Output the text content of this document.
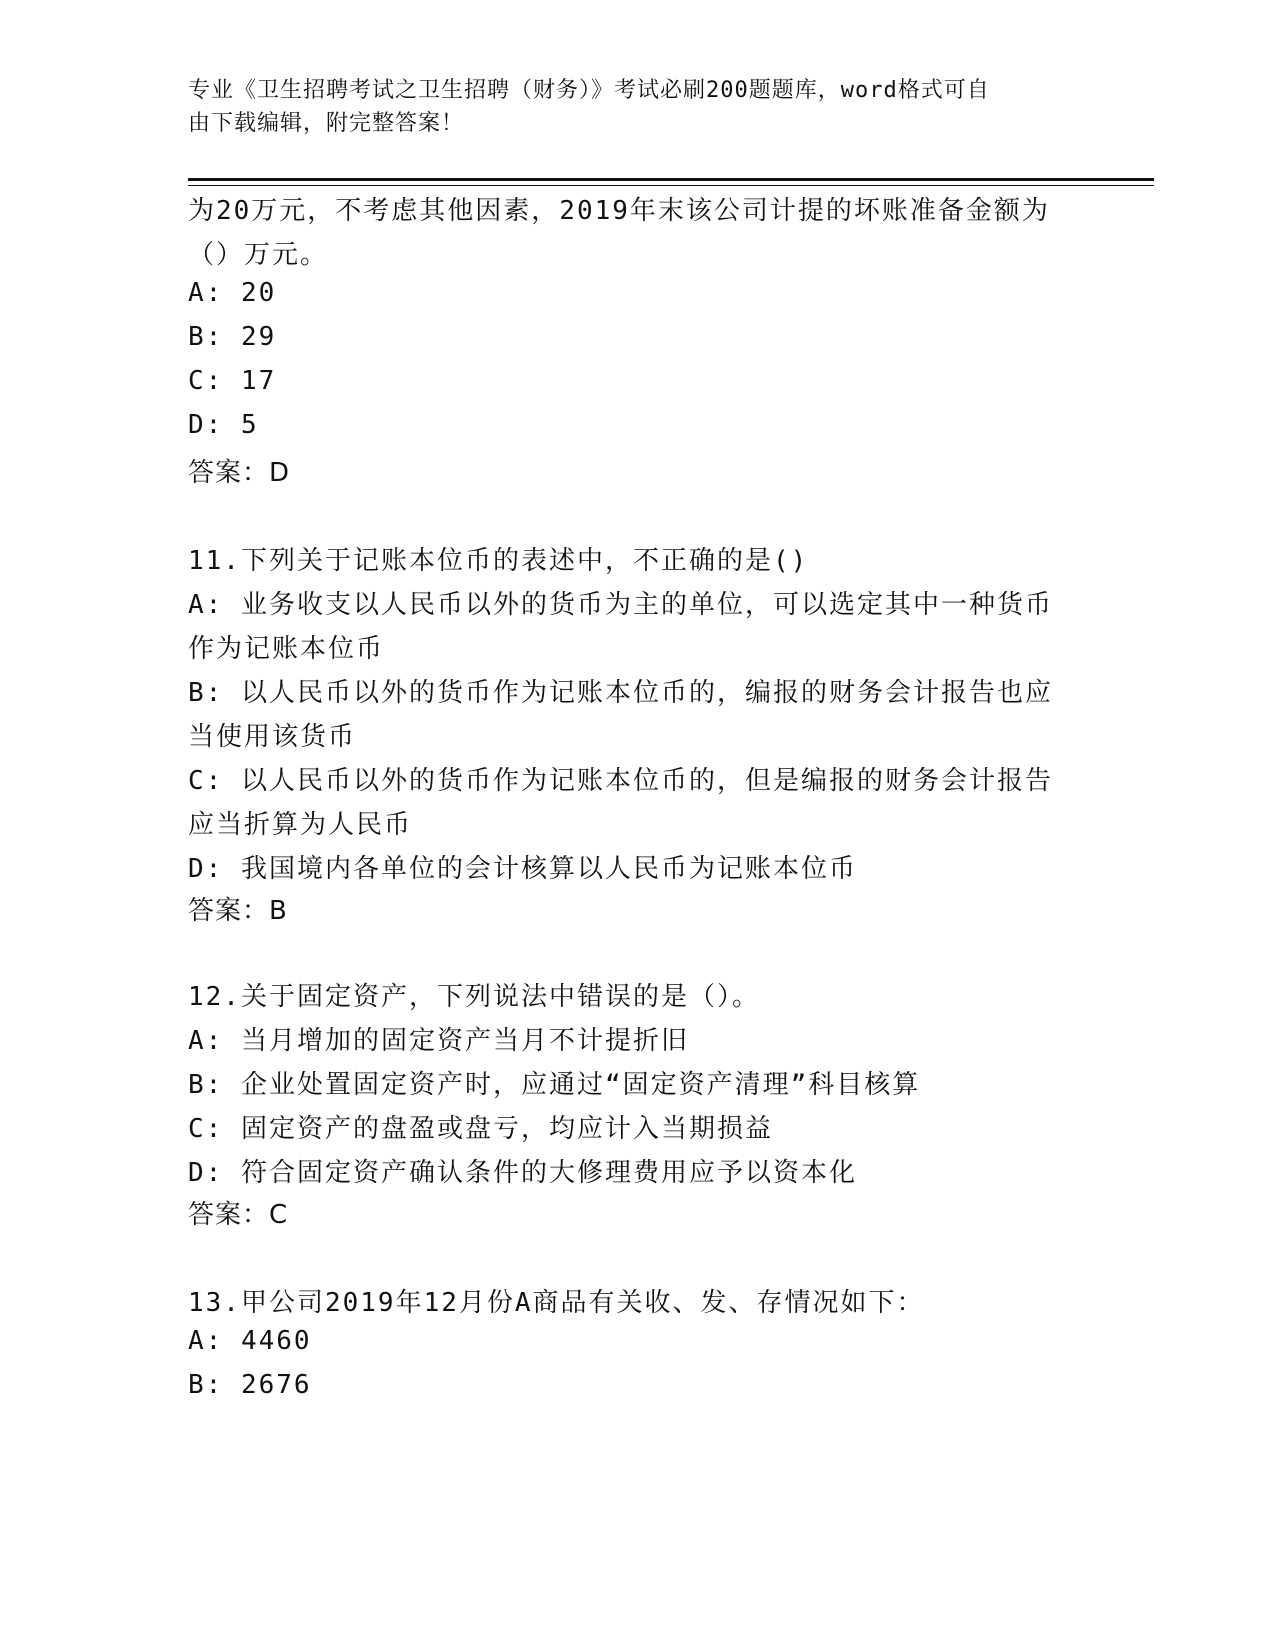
专业《卫生招聘考试之卫生招聘（财务）》考试必刷200题题库，word格式可自
由下载编辑，附完整答案！
为20万元，不考虑其他因素，2019年末该公司计提的坏账准备金额为
（）万元。
A: 20
B: 29
C: 17
D: 5
答案：D
11.下列关于记账本位币的表述中，不正确的是()
A: 业务收支以人民币以外的货币为主的单位，可以选定其中一种货币
作为记账本位币
B: 以人民币以外的货币作为记账本位币的，编报的财务会计报告也应
当使用该货币
C: 以人民币以外的货币作为记账本位币的，但是编报的财务会计报告
应当折算为人民币
D: 我国境内各单位的会计核算以人民币为记账本位币
答案：B
12.关于固定资产，下列说法中错误的是（）。
A: 当月增加的固定资产当月不计提折旧
B: 企业处置固定资产时，应通过“固定资产清理”科目核算
C: 固定资产的盘盈或盘亏，均应计入当期损益
D: 符合固定资产确认条件的大修理费用应予以资本化
答案：C
13.甲公司2019年12月份A商品有关收、发、存情况如下：
A: 4460
B: 2676
